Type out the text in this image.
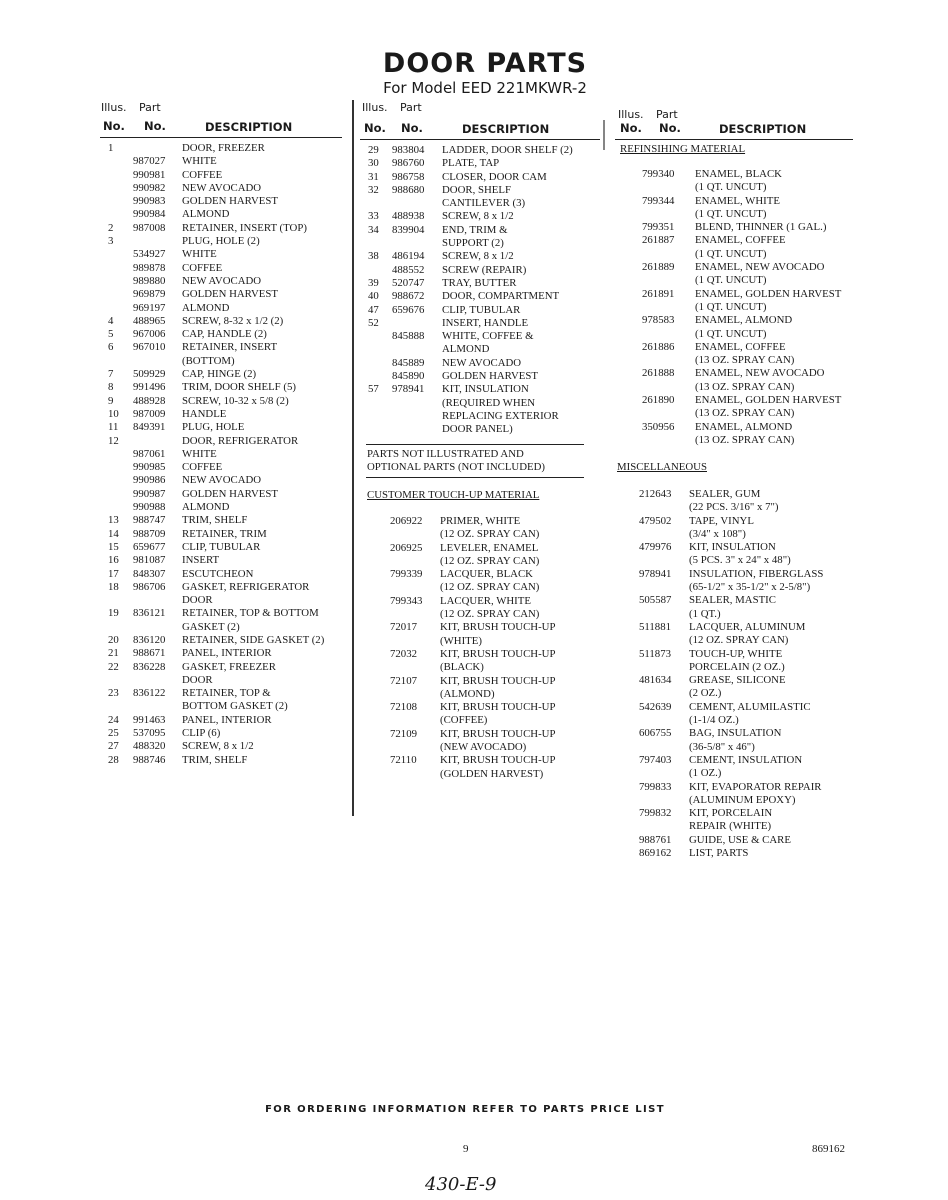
DOOR PARTS
For Model EED 221MKWR-2
Illus. Part
No. No.	DESCRIPTION
Illus. Part
No. No.	DESCRIPTION
Illus. Part
No. No.	DESCRIPTION
1	DOOR, FREEZER
987027 WHITE
990981 COFFEE
990982 NEW AVOCADO
990983 GOLDEN HARVEST
990984 ALMOND
2 987008 RETAINER, INSERT (TOP)
3	PLUG, HOLE (2)
534927 WHITE
989878 COFFEE
989880 NEW AVOCADO
969879 GOLDEN HARVEST
969197 ALMOND
4 488965 SCREW, 8-32 x 1/2 (2)
5 967006 CAP, HANDLE (2)
6 967010 RETAINER, INSERT
(BOTTOM)
7 509929 CAP, HINGE (2)
8 991496 TRIM, DOOR SHELF (5)
9 488928 SCREW, 10-32 x 5/8 (2)
10 987009 HANDLE
11 849391 PLUG, HOLE
12	DOOR, REFRIGERATOR
987061 WHITE
990985 COFFEE
990986 NEW AVOCADO
990987 GOLDEN HARVEST
990988 ALMOND
13 988747 TRIM, SHELF
14 988709 RETAINER, TRIM
15 659677 CLIP, TUBULAR
16 981087 INSERT
17 848307 ESCUTCHEON
18 986706 GASKET, REFRIGERATOR
DOOR
19 836121 RETAINER, TOP & BOTTOM
GASKET (2)
20 836120 RETAINER, SIDE GASKET (2)
21 988671 PANEL, INTERIOR
22 836228 GASKET, FREEZER
DOOR
23 836122 RETAINER, TOP &
BOTTOM GASKET (2)
24 991463 PANEL, INTERIOR
25 537095 CLIP (6)
27 488320 SCREW, 8 x 1/2
28 988746 TRIM, SHELF
29 983804 LADDER, DOOR SHELF (2)
30 986760 PLATE, TAP
31 986758 CLOSER, DOOR CAM
32 988680 DOOR, SHELF
CANTILEVER (3)
33 488938 SCREW, 8 x 1/2
34 839904 END, TRIM &
SUPPORT (2)
38 486194 SCREW, 8 x 1/2
488552 SCREW (REPAIR)
39 520747 TRAY, BUTTER
40 988672 DOOR, COMPARTMENT
47 659676 CLIP, TUBULAR
52	INSERT, HANDLE
845888 WHITE, COFFEE &
ALMOND
845889 NEW AVOCADO
845890 GOLDEN HARVEST
57 978941 KIT, INSULATION
(REQUIRED WHEN
REPLACING EXTERIOR
DOOR PANEL)
PARTS NOT ILLUSTRATED AND
OPTIONAL PARTS (NOT INCLUDED)
CUSTOMER TOUCH-UP MATERIAL
206922 PRIMER, WHITE
(12 OZ. SPRAY CAN)
206925 LEVELER, ENAMEL
(12 OZ. SPRAY CAN)
799339 LACQUER, BLACK
(12 OZ. SPRAY CAN)
799343 LACQUER, WHITE
(12 OZ. SPRAY CAN)
72017 KIT, BRUSH TOUCH-UP
(WHITE)
72032 KIT, BRUSH TOUCH-UP
(BLACK)
72107 KIT, BRUSH TOUCH-UP
(ALMOND)
72108 KIT, BRUSH TOUCH-UP
(COFFEE)
72109 KIT, BRUSH TOUCH-UP
(NEW AVOCADO)
72110 KIT, BRUSH TOUCH-UP
(GOLDEN HARVEST)
REFINSIHING MATERIAL
799340 ENAMEL, BLACK
(1 QT. UNCUT)
799344 ENAMEL, WHITE
(1 QT. UNCUT)
799351 BLEND, THINNER (1 GAL.)
261887 ENAMEL, COFFEE
(1 QT. UNCUT)
261889 ENAMEL, NEW AVOCADO
(1 QT. UNCUT)
261891 ENAMEL, GOLDEN HARVEST
(1 QT. UNCUT)
978583 ENAMEL, ALMOND
(1 QT. UNCUT)
261886 ENAMEL, COFFEE
(13 OZ. SPRAY CAN)
261888 ENAMEL, NEW AVOCADO
(13 OZ. SPRAY CAN)
261890 ENAMEL, GOLDEN HARVEST
(13 OZ. SPRAY CAN)
350956 ENAMEL, ALMOND
(13 OZ. SPRAY CAN)
MISCELLANEOUS
212643 SEALER, GUM
(22 PCS. 3/16" x 7")
479502 TAPE, VINYL
(3/4" x 108")
479976 KIT, INSULATION
(5 PCS. 3" x 24" x 48")
978941 INSULATION, FIBERGLASS
(65-1/2" x 35-1/2" x 2-5/8")
505587 SEALER, MASTIC
(1 QT.)
511881 LACQUER, ALUMINUM
(12 OZ. SPRAY CAN)
511873 TOUCH-UP, WHITE
PORCELAIN (2 OZ.)
481634 GREASE, SILICONE
(2 OZ.)
542639 CEMENT, ALUMILASTIC
(1-1/4 OZ.)
606755 BAG, INSULATION
(36-5/8" x 46")
797403 CEMENT, INSULATION
(1 OZ.)
799833 KIT, EVAPORATOR REPAIR
(ALUMINUM EPOXY)
799832 KIT, PORCELAIN
REPAIR (WHITE)
988761 GUIDE, USE & CARE
869162 LIST, PARTS
FOR ORDERING INFORMATION REFER TO PARTS PRICE LIST
9	869162
430-E-9
